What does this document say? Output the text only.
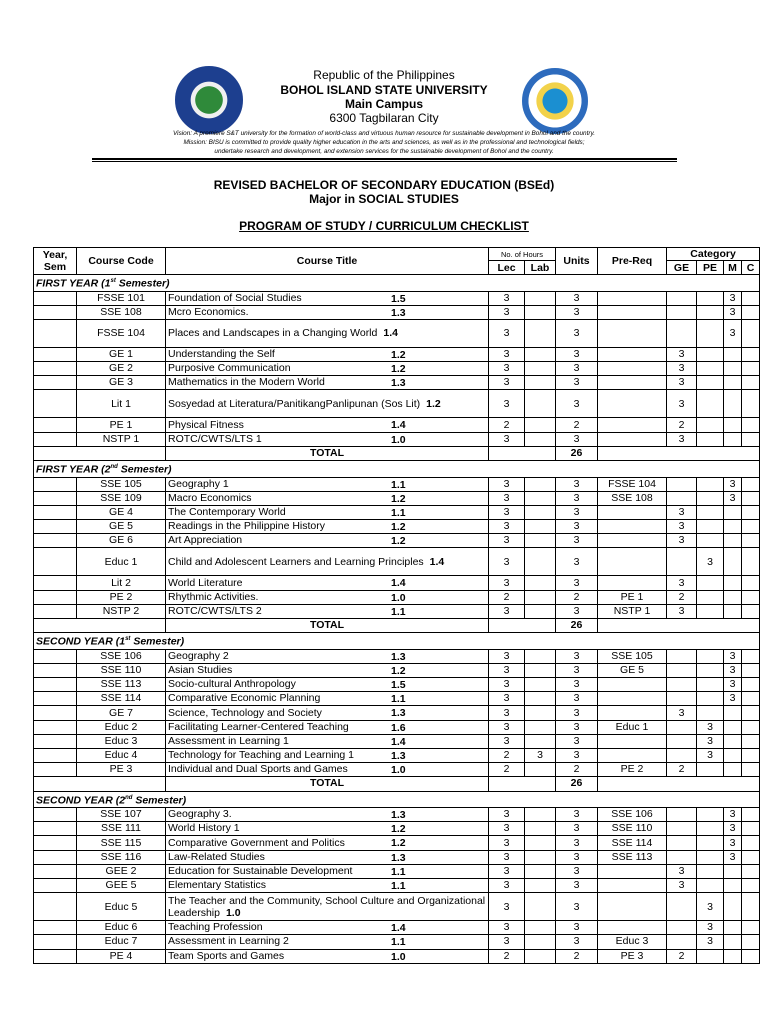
Republic of the Philippines
BOHOL ISLAND STATE UNIVERSITY
Main Campus
6300 Tagbilaran City
Vision: A premiere S&T university for the formation of world-class and virtuous human resource for sustainable development in Bohol and the country.
Mission: BISU is committed to provide quality higher education in the arts and sciences, as well as in the professional and technological fields;
undertake research and development, and extension services for the sustainable development of Bohol and the country.
REVISED BACHELOR OF SECONDARY EDUCATION (BSEd)
Major in SOCIAL STUDIES
PROGRAM OF STUDY / CURRICULUM CHECKLIST
Year,
Sem	Course Code	Course Title	No. of Hours		Units	Pre-Req	Category			
			Lec	Lab			GE	PE	M	C
FIRST YEAR (1st Semester)										
	FSSE 101	Foundation of Social Studies 1.5	3		3				3	
	SSE 108	Mcro Economics. 1.3	3		3				3	
	FSSE 104	Places and Landscapes in a Changing World 1.4	3		3				3	
	GE 1	Understanding the Self 1.2	3		3		3			
	GE 2	Purposive Communication 1.2	3		3		3			
	GE 3	Mathematics in the Modern World 1.3	3		3		3			
	Lit 1	Sosyedad at Literatura/PanitikangPanlipunan (Sos Lit) 1.2	3		3		3			
	PE 1	Physical Fitness 1.4	2		2		2			
	NSTP 1	ROTC/CWTS/LTS 1 1.0	3		3		3			
		TOTAL			26					
FIRST YEAR (2nd Semester)										
	SSE 105	Geography 1 1.1	3		3	FSSE 104			3	
	SSE 109	Macro Economics 1.2	3		3	SSE 108			3	
	GE 4	The Contemporary World 1.1	3		3		3			
	GE 5	Readings in the Philippine History 1.2	3		3		3			
	GE 6	Art Appreciation 1.2	3		3		3			
	Educ 1	Child and Adolescent Learners and Learning Principles 1.4	3		3			3		
	Lit 2	World Literature 1.4	3		3		3			
	PE 2	Rhythmic Activities. 1.0	2		2	PE 1	2			
	NSTP 2	ROTC/CWTS/LTS 2 1.1	3		3	NSTP 1	3			
		TOTAL			26					
SECOND YEAR (1st Semester)										
	SSE 106	Geography 2 1.3	3		3	SSE 105			3	
	SSE 110	Asian Studies 1.2	3		3	GE 5			3	
	SSE 113	Socio-cultural Anthropology 1.5	3		3				3	
	SSE 114	Comparative Economic Planning 1.1	3		3				3	
	GE 7	Science, Technology and Society 1.3	3		3		3			
	Educ 2	Facilitating Learner-Centered Teaching 1.6	3		3	Educ 1		3		
	Educ 3	Assessment in Learning 1 1.4	3		3			3		
	Educ 4	Technology for Teaching and Learning 1 1.3	2	3	3			3		
	PE 3	Individual and Dual Sports and Games 1.0	2		2	PE 2	2			
		TOTAL			26					
SECOND YEAR (2nd Semester)										
	SSE 107	Geography 3. 1.3	3		3	SSE 106			3	
	SSE 111	World History 1 1.2	3		3	SSE 110			3	
	SSE 115	Comparative Government and Politics 1.2	3		3	SSE 114			3	
	SSE 116	Law-Related Studies 1.3	3		3	SSE 113			3	
	GEE 2	Education for Sustainable Development 1.1	3		3		3			
	GEE 5	Elementary Statistics 1.1	3		3		3			
	Educ 5	The Teacher and the Community, School Culture and Organizational Leadership 1.0	3		3			3		
	Educ 6	Teaching Profession 1.4	3		3			3		
	Educ 7	Assessment in Learning 2 1.1	3		3	Educ 3		3		
	PE 4	Team Sports and Games 1.0	2		2	PE 3	2			
